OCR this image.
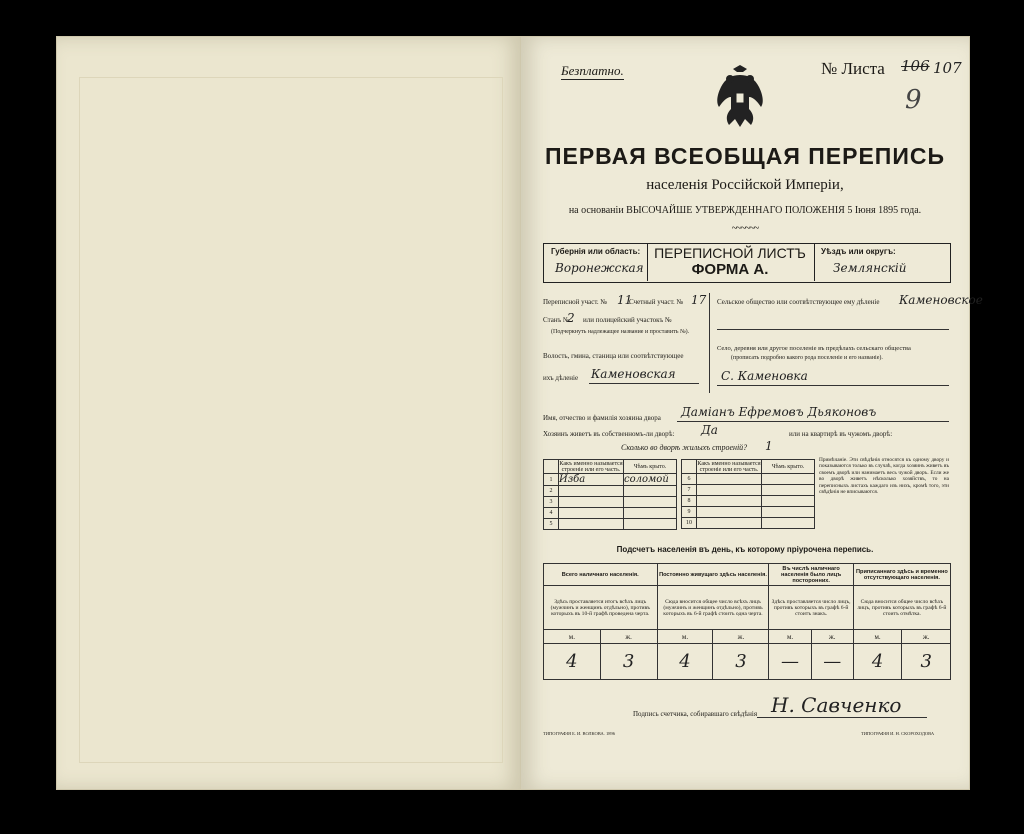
Безплатно.	№ Листа 106 107
9
ПЕРВАЯ ВСЕОБЩАЯ ПЕРЕПИСЬ
населенія Россійской Имперіи,
на основаніи ВЫСОЧАЙШЕ УТВЕРЖДЕННАГО ПОЛОЖЕНІЯ 5 Іюня 1895 года.
~~~~~~
Губернія или область:
Воронежская
ПЕРЕПИСНОЙ ЛИСТЪ
ФОРМА А.
Уѣздъ или округъ:
Землянскій
Переписной участ. № 11
Счетный участ. № 17
Станъ №
2 или полицейский участокъ №
(Подчеркнуть надлежащее название и проставить №).
Волость, гмина, станица или соотвѣтствующее
ихъ дѣленіе Каменовская
Сельское общество или соотвѣтствующее ему дѣленіе Каменовское
Село, деревня или другое поселеніе въ предѣлахъ сельскаго общества
(прописать подробно какого рода поселеніе и его названіе).
С. Каменовка
Имя, отчество и фамилія хозяина двора Даміанъ Ефремовъ Дьяконовъ
Хозяинъ живетъ въ собственномъ-ли дворѣ: Да	или на квартирѣ въ чужомъ дворѣ:
Сколько во дворѣ жилыхъ строеній? 1
	Какъ именно называется строеніе или его часть.	Чѣмъ крыто.
1	Изба	соломой
2		
3		
4		
5		
	Какъ именно называется строеніе или его часть.	Чѣмъ крыто.
6		
7		
8		
9		
10		
Примѣчаніе. Эти свѣдѣнія относятся къ одному двору и показываются только въ случаѣ, когда хозяинъ живетъ въ своемъ дворѣ или нанимаетъ весь чужой дворъ. Если же во дворѣ живетъ нѣсколько хозяйствъ, то на переписныхъ листахъ каждаго изъ нихъ, кромѣ того, эти свѣдѣнія не вписываются.
Подсчетъ населенія въ день, къ которому пріурочена перепись.
Всего наличнаго населенія.		Постоянно живущаго здѣсь населенія.		Въ числѣ наличнаго населенія было лицъ посторонних.		Приписаннаго здѣсь и временно отсутствующаго населенія.	
Здѣсь проставляется итогъ всѣхъ лицъ (мужчинъ и женщинъ отдѣльно), противъ которыхъ въ 10-й графѣ проведена черта.		Сюда вносится общее число всѣхъ лицъ (мужчинъ и женщинъ отдѣльно), противъ которыхъ въ 6-й графѣ стоитъ одна черта.		Здѣсь проставляется число лицъ, противъ которыхъ въ графѣ 6-й стоитъ знакъ.		Сюда вносится общее число всѣхъ лицъ, противъ которыхъ въ графѣ 6-й стоитъ отмѣтка.	
м.	ж.	м.	ж.	м.	ж.	м.	ж.
4	3	4	3	—	—	4	3
Подпись счетчика, собиравшаго свѣдѣнія Н. Савченко
ТИПОГРАФІЯ Б. И. ВОЛКОВА. 1896	ТИПОГРАФІЯ И. Н. СКОРОХОДОВА
